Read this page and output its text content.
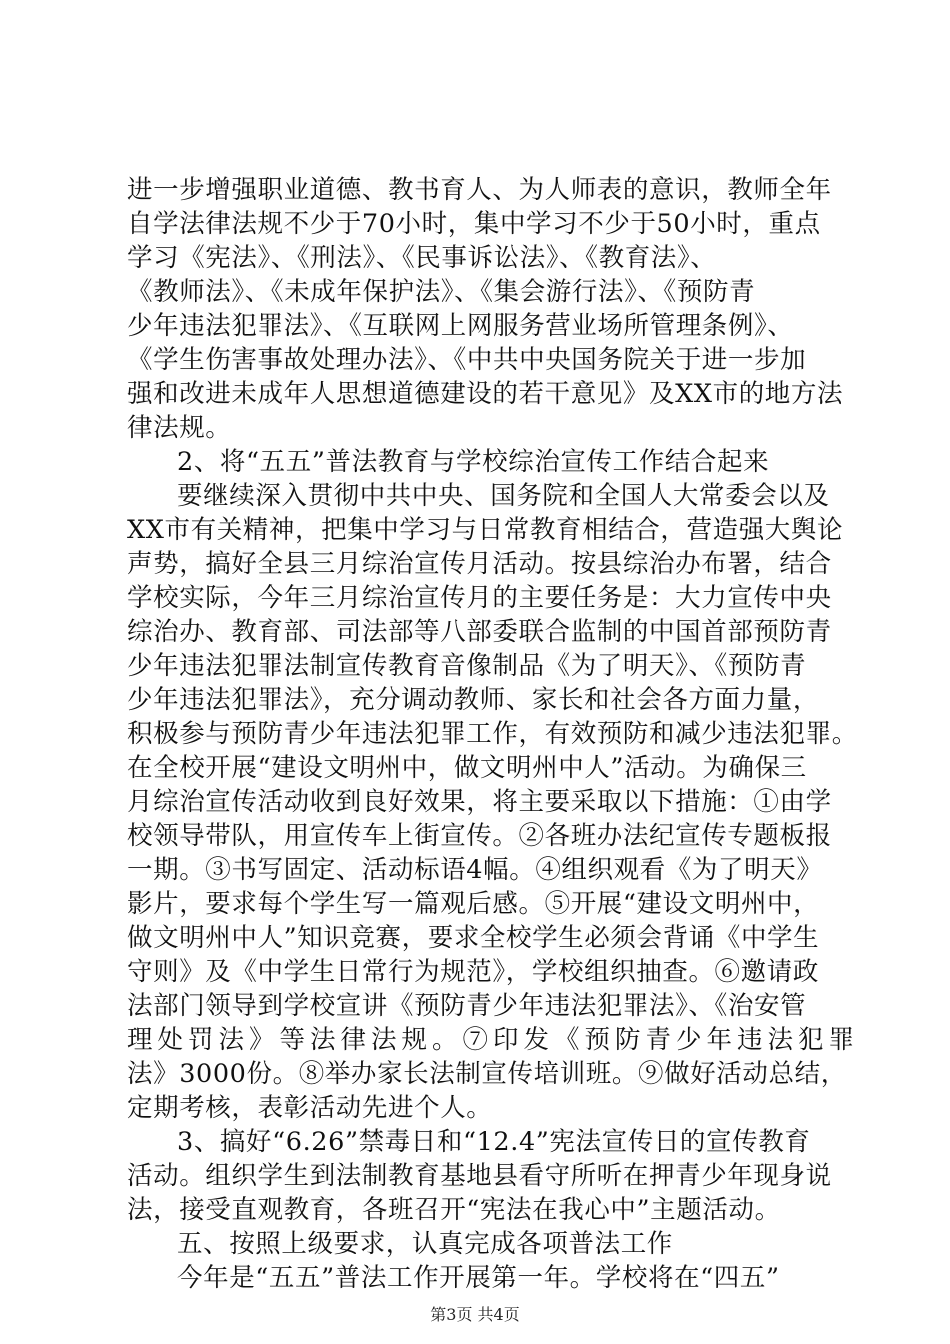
进一步增强职业道德、教书育人、为人师表的意识，教师全年
自学法律法规不少于70小时，集中学习不少于50小时，重点
学习《宪法》、《刑法》、《民事诉讼法》、《教育法》、
《教师法》、《未成年保护法》、《集会游行法》、《预防青
少年违法犯罪法》、《互联网上网服务营业场所管理条例》、
《学生伤害事故处理办法》、《中共中央国务院关于进一步加
强和改进未成年人思想道德建设的若干意见》及XX市的地方法
律法规。
2、将“五五”普法教育与学校综治宣传工作结合起来
要继续深入贯彻中共中央、国务院和全国人大常委会以及
XX市有关精神，把集中学习与日常教育相结合，营造强大舆论
声势，搞好全县三月综治宣传月活动。按县综治办布署，结合
学校实际，今年三月综治宣传月的主要任务是：大力宣传中央
综治办、教育部、司法部等八部委联合监制的中国首部预防青
少年违法犯罪法制宣传教育音像制品《为了明天》、《预防青
少年违法犯罪法》，充分调动教师、家长和社会各方面力量，
积极参与预防青少年违法犯罪工作，有效预防和减少违法犯罪。
在全校开展“建设文明州中，做文明州中人”活动。为确保三
月综治宣传活动收到良好效果，将主要采取以下措施：①由学
校领导带队，用宣传车上街宣传。②各班办法纪宣传专题板报
一期。③书写固定、活动标语4幅。④组织观看《为了明天》
影片，要求每个学生写一篇观后感。⑤开展“建设文明州中，
做文明州中人”知识竞赛，要求全校学生必须会背诵《中学生
守则》及《中学生日常行为规范》，学校组织抽查。⑥邀请政
法部门领导到学校宣讲《预防青少年违法犯罪法》、《治安管
理处罚法》等法律法规。⑦印发《预防青少年违法犯罪
法》3000份。⑧举办家长法制宣传培训班。⑨做好活动总结，
定期考核，表彰活动先进个人。
3、搞好“6.26”禁毒日和“12.4”宪法宣传日的宣传教育
活动。组织学生到法制教育基地县看守所听在押青少年现身说
法，接受直观教育，各班召开“宪法在我心中”主题活动。
五、按照上级要求，认真完成各项普法工作
今年是“五五”普法工作开展第一年。学校将在“四五”
第3页 共4页
